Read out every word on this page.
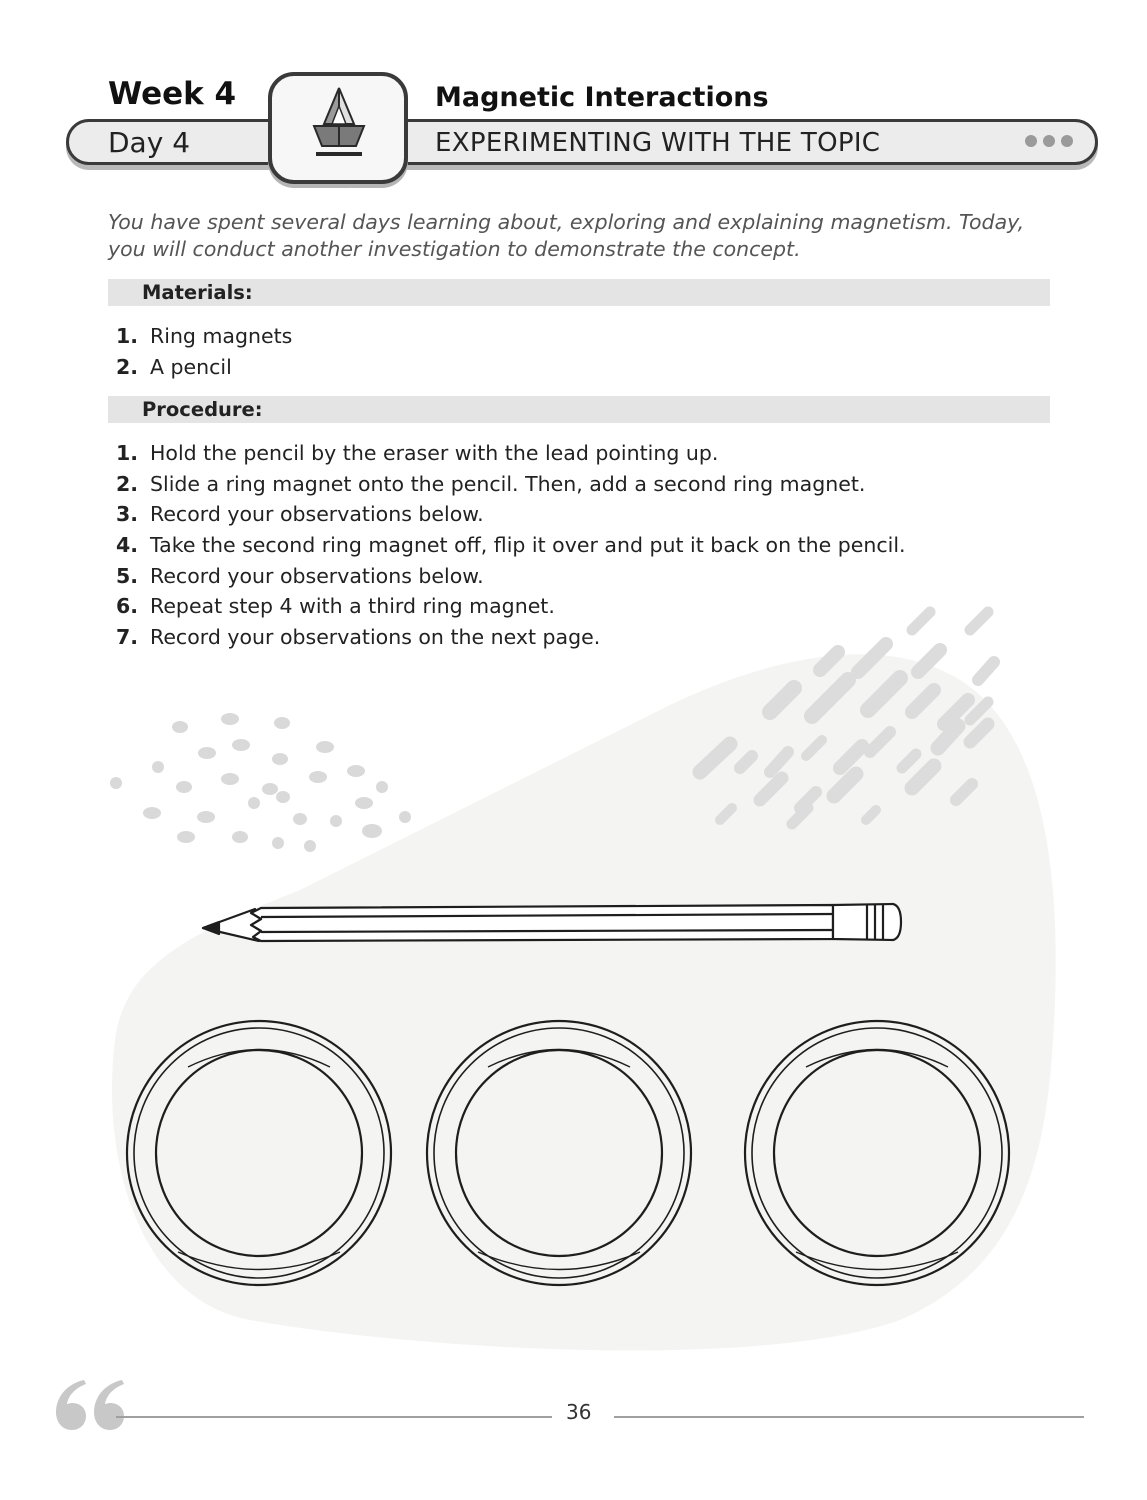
Week 4
Day 4
Magnetic Interactions
EXPERIMENTING WITH THE TOPIC
You have spent several days learning about, exploring and explaining magnetism. Today, you will conduct another investigation to demonstrate the concept.
Materials:
1. Ring magnets
2. A pencil
Procedure:
1. Hold the pencil by the eraser with the lead pointing up.
2. Slide a ring magnet onto the pencil. Then, add a second ring magnet.
3. Record your observations below.
4. Take the second ring magnet off, flip it over and put it back on the pencil.
5. Record your observations below.
6. Repeat step 4 with a third ring magnet.
7. Record your observations on the next page.
36
